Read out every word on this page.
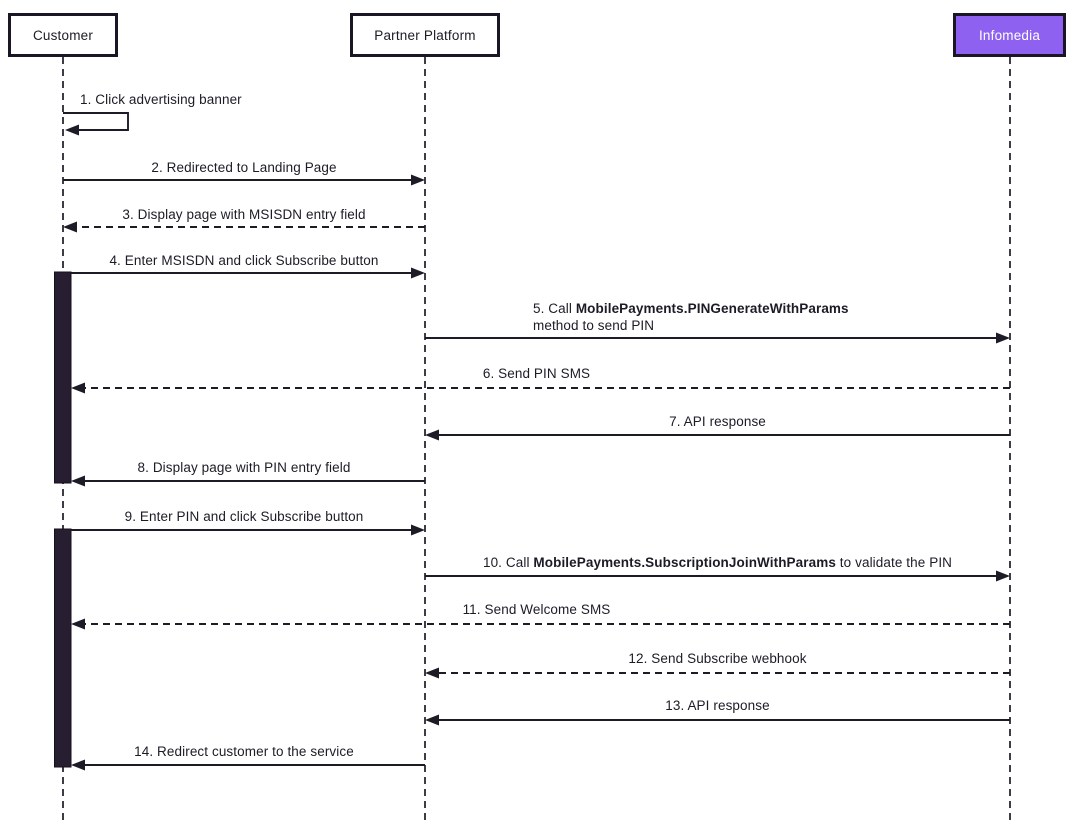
Customer	Partner Platform	Infomedia
1. Click advertising banner
2. Redirected to Landing Page
3. Display page with MSISDN entry field
4. Enter MSISDN and click Subscribe button
5. Call MobilePayments.PINGenerateWithParams
method to send PIN
6. Send PIN SMS
7. API response
8. Display page with PIN entry field
9. Enter PIN and click Subscribe button
10. Call MobilePayments.SubscriptionJoinWithParams to validate the PIN
11. Send Welcome SMS
12. Send Subscribe webhook
13. API response
14. Redirect customer to the service
